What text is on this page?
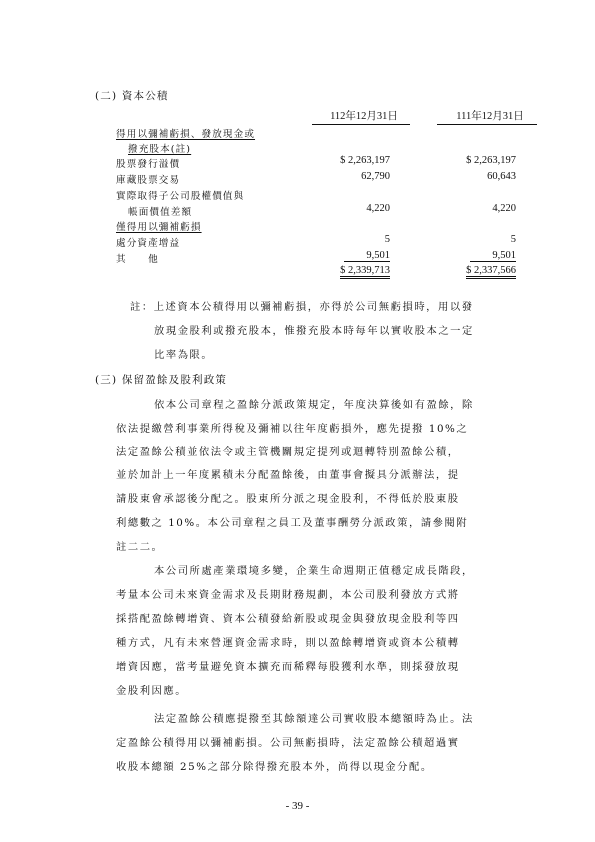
(二) 資本公積
112年12月31日	111年12月31日
得用以彌補虧損、發放現金或
撥充股本(註)
股票發行溢價	$ 2,263,197	$ 2,263,197
庫藏股票交易	62,790	60,643
實際取得子公司股權價值與
帳面價值差額	4,220	4,220
僅得用以彌補虧損
處分資產增益	5	5
其　　他	9,501	9,501
$ 2,339,713	$ 2,337,566
註：上述資本公積得用以彌補虧損，亦得於公司無虧損時，用以發
放現金股利或撥充股本，惟撥充股本時每年以實收股本之一定
比率為限。
(三) 保留盈餘及股利政策
依本公司章程之盈餘分派政策規定，年度決算後如有盈餘，除
依法提繳營利事業所得稅及彌補以往年度虧損外，應先提撥 10%之
法定盈餘公積並依法令或主管機關規定提列或迴轉特別盈餘公積，
並於加計上一年度累積未分配盈餘後，由董事會擬具分派辦法，提
請股東會承認後分配之。股東所分派之現金股利，不得低於股東股
利總數之 10%。本公司章程之員工及董事酬勞分派政策，請參閱附
註二二。
本公司所處產業環境多變，企業生命週期正值穩定成長階段，
考量本公司未來資金需求及長期財務規劃，本公司股利發放方式將
採搭配盈餘轉增資、資本公積發給新股或現金與發放現金股利等四
種方式，凡有未來營運資金需求時，則以盈餘轉增資或資本公積轉
增資因應，當考量避免資本擴充而稀釋每股獲利水準，則採發放現
金股利因應。
法定盈餘公積應提撥至其餘額達公司實收股本總額時為止。法
定盈餘公積得用以彌補虧損。公司無虧損時，法定盈餘公積超過實
收股本總額 25%之部分除得撥充股本外，尚得以現金分配。
- 39 -
